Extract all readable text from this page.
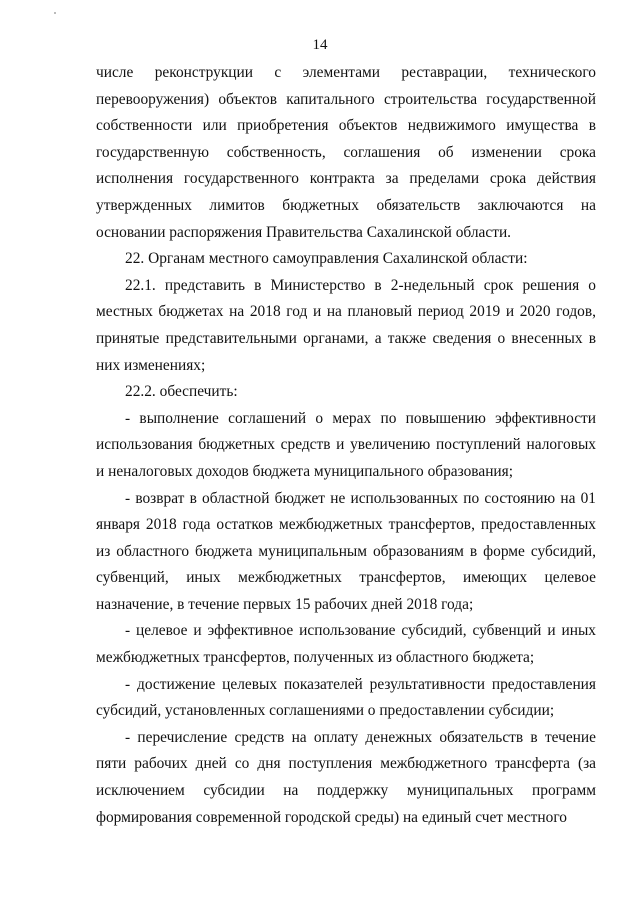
14

числе реконструкции с элементами реставрации, технического перевооружения) объектов капитального строительства государственной собственности или приобретения объектов недвижимого имущества в государственную собственность, соглашения об изменении срока исполнения государственного контракта за пределами срока действия утвержденных лимитов бюджетных обязательств заключаются на основании распоряжения Правительства Сахалинской области.

22. Органам местного самоуправления Сахалинской области:

22.1. представить в Министерство в 2-недельный срок решения о местных бюджетах на 2018 год и на плановый период 2019 и 2020 годов, принятые представительными органами, а также сведения о внесенных в них изменениях;

22.2. обеспечить:

- выполнение соглашений о мерах по повышению эффективности использования бюджетных средств и увеличению поступлений налоговых и неналоговых доходов бюджета муниципального образования;

- возврат в областной бюджет не использованных по состоянию на 01 января 2018 года остатков межбюджетных трансфертов, предоставленных из областного бюджета муниципальным образованиям в форме субсидий, субвенций, иных межбюджетных трансфертов, имеющих целевое назначение, в течение первых 15 рабочих дней 2018 года;

- целевое и эффективное использование субсидий, субвенций и иных межбюджетных трансфертов, полученных из областного бюджета;

- достижение целевых показателей результативности предоставления субсидий, установленных соглашениями о предоставлении субсидии;

- перечисление средств на оплату денежных обязательств в течение пяти рабочих дней со дня поступления межбюджетного трансферта (за исключением субсидии на поддержку муниципальных программ формирования современной городской среды) на единый счет местного
